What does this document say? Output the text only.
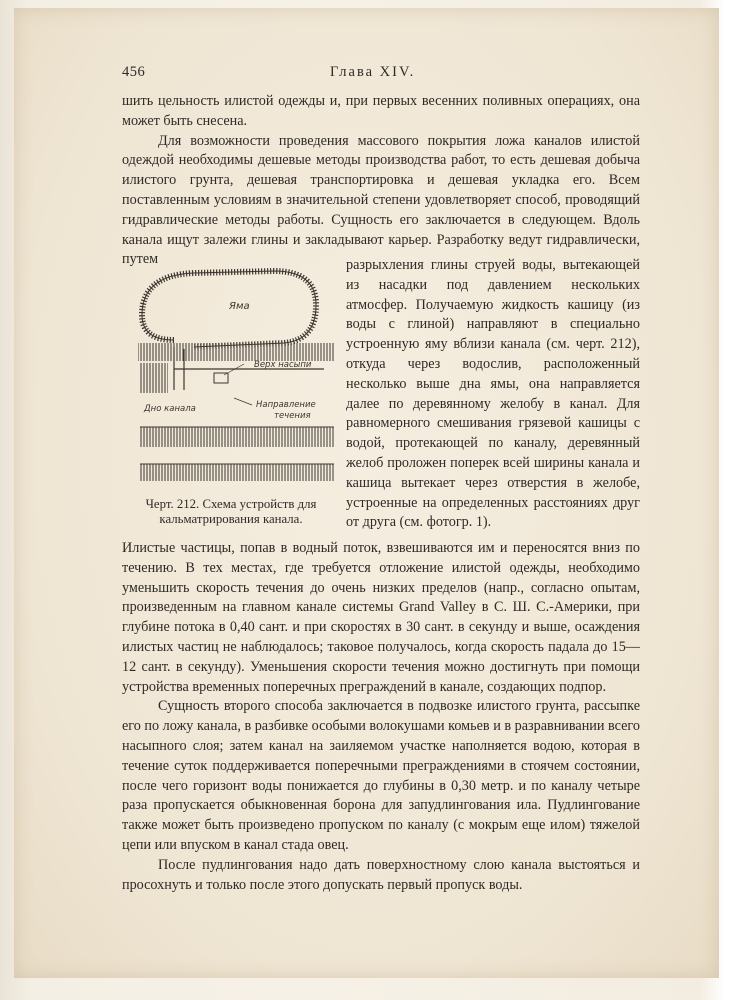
456	Глава XIV.

шить цельность илистой одежды и, при первых весенних поливных операциях, она может быть снесена.

Для возможности проведения массового покрытия ложа каналов илистой одеждой необходимы дешевые методы производства работ, то есть дешевая добыча илистого грунта, дешевая транспортировка и дешевая укладка его. Всем поставленным условиям в значительной степени удовлетворяет способ, проводящий гидравлические методы работы. Сущность его заключается в следующем. Вдоль канала ищут залежи глины и закладывают карьер. Разработку ведут гидравлически, путем	разрыхления глины струей воды, вытекающей из насадки под давлением нескольких атмосфер. Получаемую жидкость кашицу (из воды с глиной) направляют в специально устроенную яму вблизи канала (см. черт. 212), откуда через водослив, расположенный несколько выше дна ямы, она направляется далее по деревянному желобу в канал. Для равномерного смешивания грязевой кашицы с водой, протекающей по каналу, деревянный желоб проложен поперек всей ширины канала и кашица вытекает через отверстия в желобе, устроенные на определенных расстояниях друг от друга (см. фотогр. 1).

Яма
Верх насыпи
Дно канала	Направление
течения
Черт. 212. Схема устройств для
кальматрирования канала.

Илистые частицы, попав в водный поток, взвешиваются им и переносятся вниз по течению. В тех местах, где требуется отложение илистой одежды, необходимо уменьшить скорость течения до очень низких пределов (напр., согласно опытам, произведенным на главном канале системы Grand Valley в С. Ш. С.-Америки, при глубине потока в 0,40 сант. и при скоростях в 30 сант. в секунду и выше, осаждения илистых частиц не наблюдалось; таковое получалось, когда скорость падала до 15—12 сант. в секунду). Уменьшения скорости течения можно достигнуть при помощи устройства временных поперечных преграждений в канале, создающих подпор.

Сущность второго способа заключается в подвозке илистого грунта, рассыпке его по ложу канала, в разбивке особыми волокушами комьев и в разравнивании всего насыпного слоя; затем канал на заиляемом участке наполняется водою, которая в течение суток поддерживается поперечными преграждениями в стоячем состоянии, после чего горизонт воды понижается до глубины в 0,30 метр. и по каналу четыре раза пропускается обыкновенная борона для запудлингования ила. Пудлингование также может быть произведено пропуском по каналу (с мокрым еще илом) тяжелой цепи или впуском в канал стада овец.

После пудлингования надо дать поверхностному слою канала выстояться и просохнуть и только после этого допускать первый пропуск воды.
